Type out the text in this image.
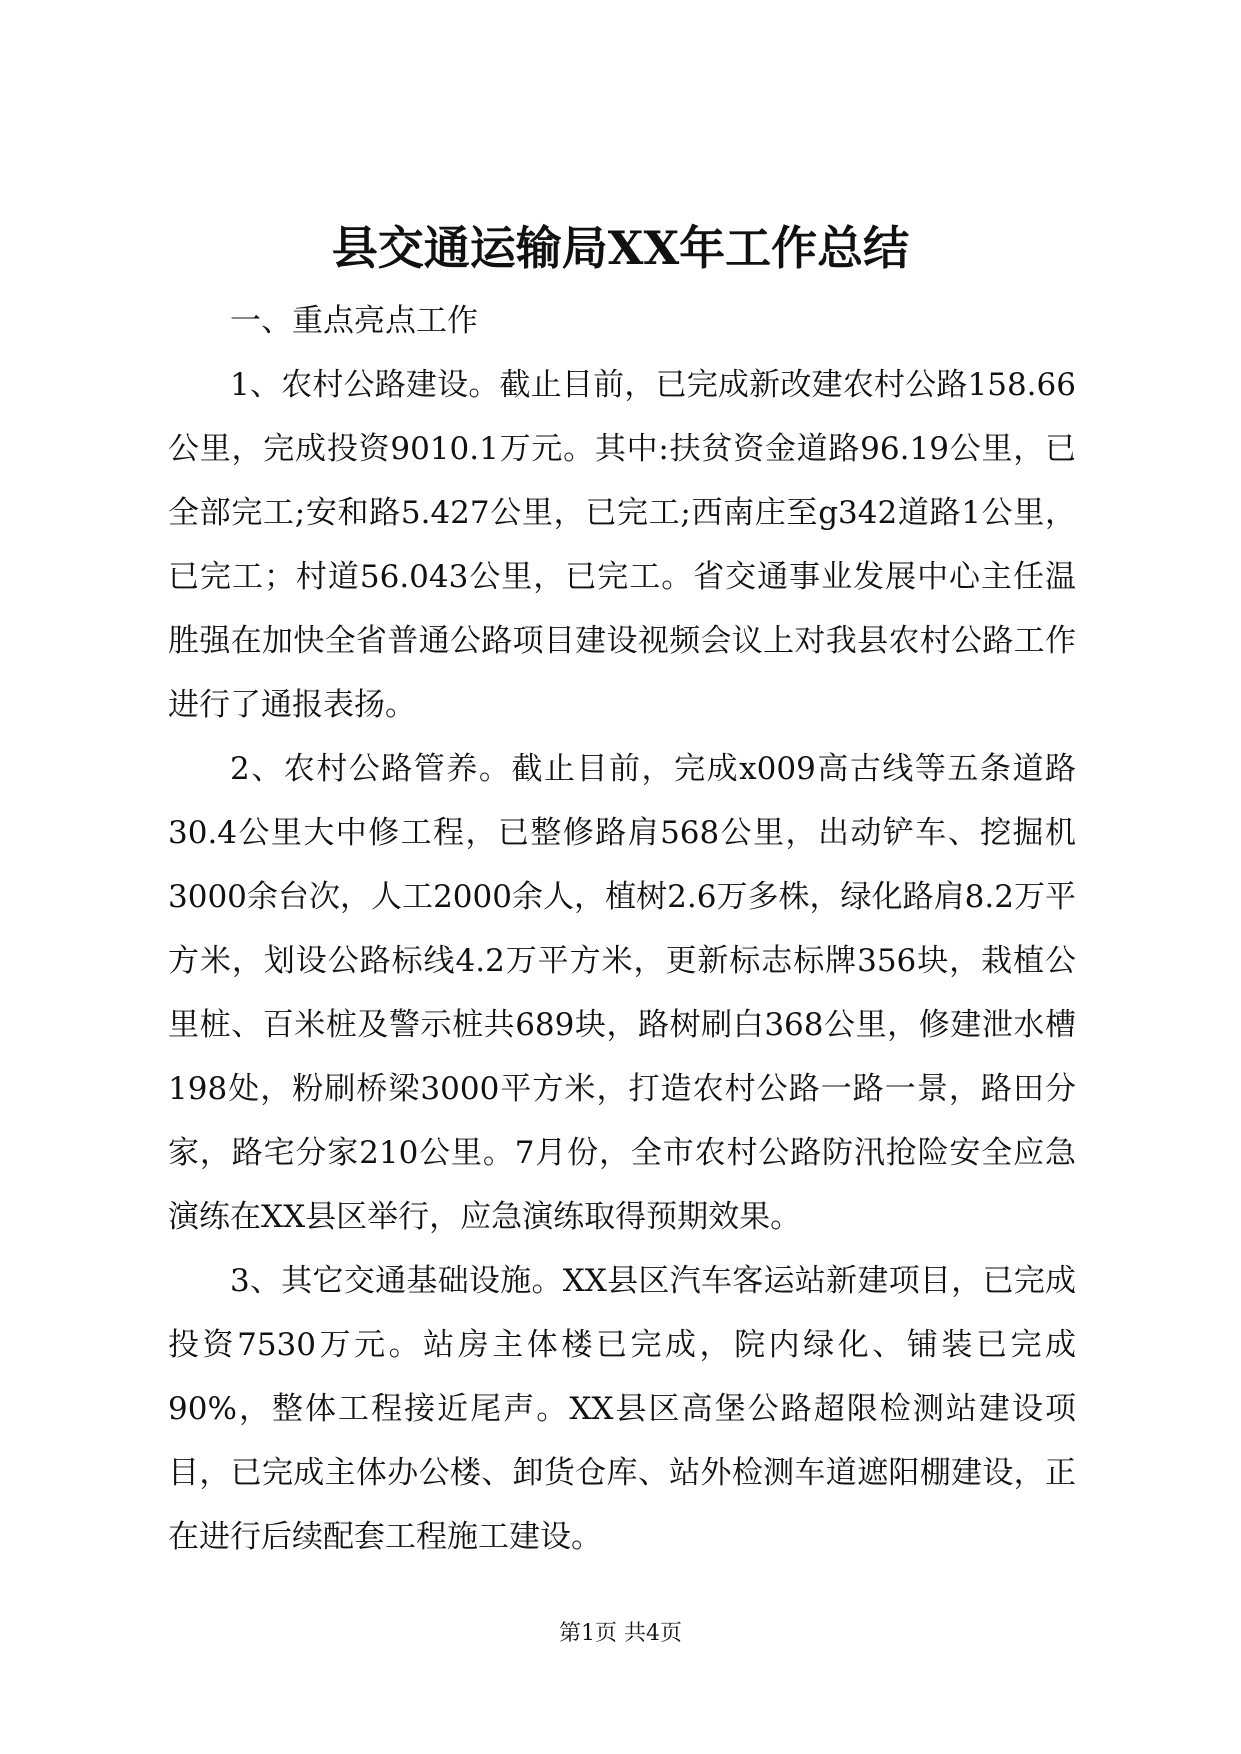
县交通运输局XX年工作总结

一、重点亮点工作

1、农村公路建设。截止目前，已完成新改建农村公路158.66公里，完成投资9010.1万元。其中:扶贫资金道路96.19公里，已全部完工;安和路5.427公里，已完工;西南庄至g342道路1公里，已完工；村道56.043公里，已完工。省交通事业发展中心主任温胜强在加快全省普通公路项目建设视频会议上对我县农村公路工作进行了通报表扬。

2、农村公路管养。截止目前，完成x009高古线等五条道路30.4公里大中修工程，已整修路肩568公里，出动铲车、挖掘机3000余台次，人工2000余人，植树2.6万多株，绿化路肩8.2万平方米，划设公路标线4.2万平方米，更新标志标牌356块，栽植公里桩、百米桩及警示桩共689块，路树刷白368公里，修建泄水槽198处，粉刷桥梁3000平方米，打造农村公路一路一景，路田分家，路宅分家210公里。7月份，全市农村公路防汛抢险安全应急演练在XX县区举行，应急演练取得预期效果。

3、其它交通基础设施。XX县区汽车客运站新建项目，已完成投资7530万元。站房主体楼已完成，院内绿化、铺装已完成90%，整体工程接近尾声。XX县区高堡公路超限检测站建设项目，已完成主体办公楼、卸货仓库、站外检测车道遮阳棚建设，正在进行后续配套工程施工建设。

第1页 共4页
